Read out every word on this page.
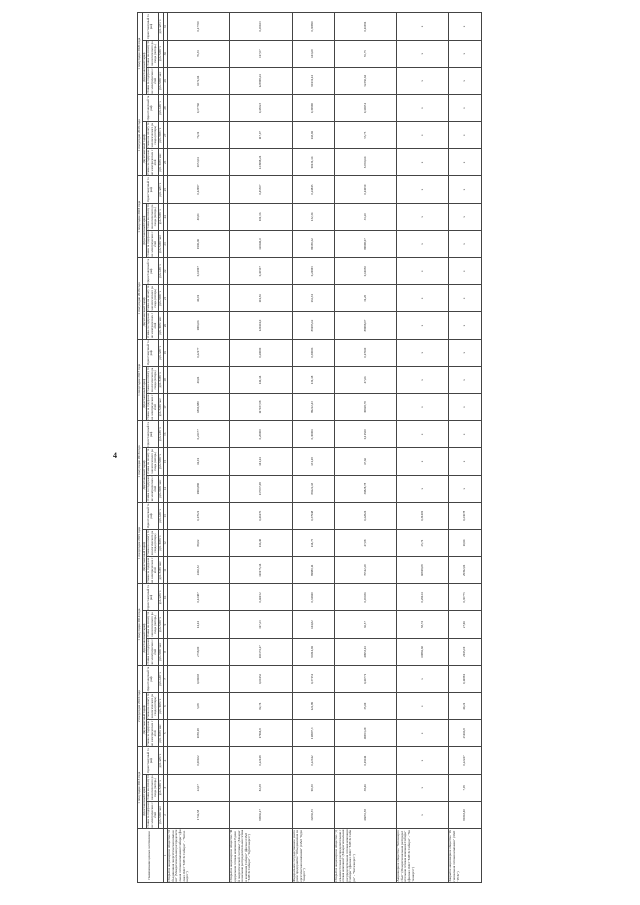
4
Наименование ценных заготовлении	1 полугодие 2013 года			2 полугодие 2013 года			1 полугодие 2014 года			1 полугодие 2015 года			1 полугодие 2016 года			1 полугодие 2017 года			1 полугодие 2018 года			1 полугодие 2018 года			1 полугодие 2019 года			1 полугодие 2020 года		
	Двухставочный тариф		Одноставочный тариф	Двухставочный тариф		Одноставочный тариф	Двухставочный тариф		Одноставочный тариф	Двухставочный тариф		Одноставочный тариф	Двухставочный тариф		Одноставочный тариф	Двухставочный тариф		Одноставочный тариф	Двухставочный тариф		Одноставочный тариф	Двухставочный тариф		Одноставочный тариф	Двухставочный тариф		Одноставочный тариф	Двухставочный тариф		Одноставочный тариф
	ставка за содержание электрических сетей	ставка на оплату технологического расхода (потерь)		ставка за содержание электрических сетей	ставка на оплату технологического расхода (потерь)		ставка за содержание электрических сетей	ставка на оплату технологического расхода (потерь)		ставка за содержание электрических сетей	ставка на оплату технологического расхода (потерь)		ставка за содержание электрических сетей	ставка на оплату технологического расхода (потерь)		ставка за содержание электрических сетей	ставка на оплату технологического расхода (потерь)		ставка за содержание электрических сетей	ставка на оплату технологического расхода (потерь)		ставка за содержание электрических сетей	ставка на оплату технологического расхода (потерь)		ставка за содержание электрических сетей	ставка на оплату технологического расхода (потерь)		ставка за содержание электрических сетей	ставка на оплату технологического расхода (потерь)	
	руб./МВт·мес	руб./МВт·ч	руб./кВт·ч	руб./МВт·мес	руб./МВт·ч	руб./кВт·ч	руб./МВт·мес	руб./МВт·ч	руб./кВт·ч	руб./МВт·мес	руб./МВт·ч	руб./кВт·ч	руб./МВт·мес	руб./МВт·ч	руб./кВт·ч	руб./МВт·мес	руб./МВт·ч	руб./кВт·ч	руб./МВт·мес	руб./МВт·ч	руб./кВт·ч	руб./МВт·мес	руб./МВт·ч	руб./кВт·ч	руб./МВт·мес	руб./МВт·ч	руб./кВт·ч	руб./МВт·мес	руб./МВт·ч	руб./кВт·ч
1	2	3	4	5	6	7	8	9	10	11	12	13	14	15	16	17	18	19	20	21	22	23	24	25	26	27	28	29	30	31
Открытое акционерное общество "Объединенная энергетическая компания" (Межрегиональная распределительная сетевая компания Сибири" (филиал ОАО "МРСК Сибири" - "Читаэнерго")	1742,58	22,07	0,00022	1058,18	5,08	0,00603	2718,00	14,14	0,12487	2402,52	89,02	0,17021	1860,880	41,01	0,22177	1860,880	40,01	0,22177	1906,06	40,01	0,12997	1906,06	40,01	0,12997	1672,04	76,31	0,17760	1672,04	76,31	0,17760
Открытое акционерное общество "Федеральная сетевая компания Единой энергетической системы" (Межрегиональная распределительная сетевая компания Сибири" (филиал ОАО "МРСК Сибири" - "Бурятэнерго")	90936,17	82,38	0,22148	17964,8	82,74	0,04152	110174,17	117,23	0,46152	110175,14	116,40	0,46176	117037,08	141,14	0,20000	117037,08	141,14	0,20000	120441,0	101,56	0,45507	120441,0	101,56	0,45507	123998,24	117,07	0,45023	123998,24	117,07	0,45023
Федеральное государственное унитарное предприятие "Объединенная энергетическая компания" (ОАО "Бурятэнерго")	32036,55	90,30	0,22612	110997,3	122,89	0,37151	90314,69	144,82	0,34940	89880,11	114,75	0,37948	89222,43	131,18	0,30006	89222,43	131,18	0,30006	89185,62	132,34	0,24845	89185,62	132,34	0,24845	90131,14	143,69	0,30990	90131,14	143,69	0,30990
Открытое акционерное общество "Дальневосточная распределительная сетевая компания" (Межрегиональная распределительная сетевая компания Сибири" (филиал ОАО "МРСК Сибири" - "Читаэнерго")	46055,58	38,46	0,19411	49953,29	35,69	0,44771	49953,16	36,57	0,45036	70512,29	47,08	0,22824	30828,78	47,66	0,11560	30828,78	47,66	0,17660	89998,07	31,20	0,14050	89998,07	31,20	0,14050	52350,64	55,75	0,16951	52350,64	55,75	0,16951
Акционерное общество "Читаэнергосбыт" (Межрегиональная распределительная сетевая компания Сибири" (филиал ОАО "МРСК Сибири" - "Читаэнерго")	х	х	х	х	х	х	60882,60	58,74	0,29124	60818,08	25,71	0,31419	х	х	х	х	х	х	х	х	х	х	х	х	х	х	х	х	х	х
Закрытое акционерное общество "Региональная сетевая компания" (ЗАО "РСК")	80343,40	7,05	0,22247	25166,8	40,21	0,11881	2945,19	27,96	0,30775	29392,01	10,94	0,23678	х	х	х	х	х	х	х	х	х	х	х	х	х	х	х	х	х	х
